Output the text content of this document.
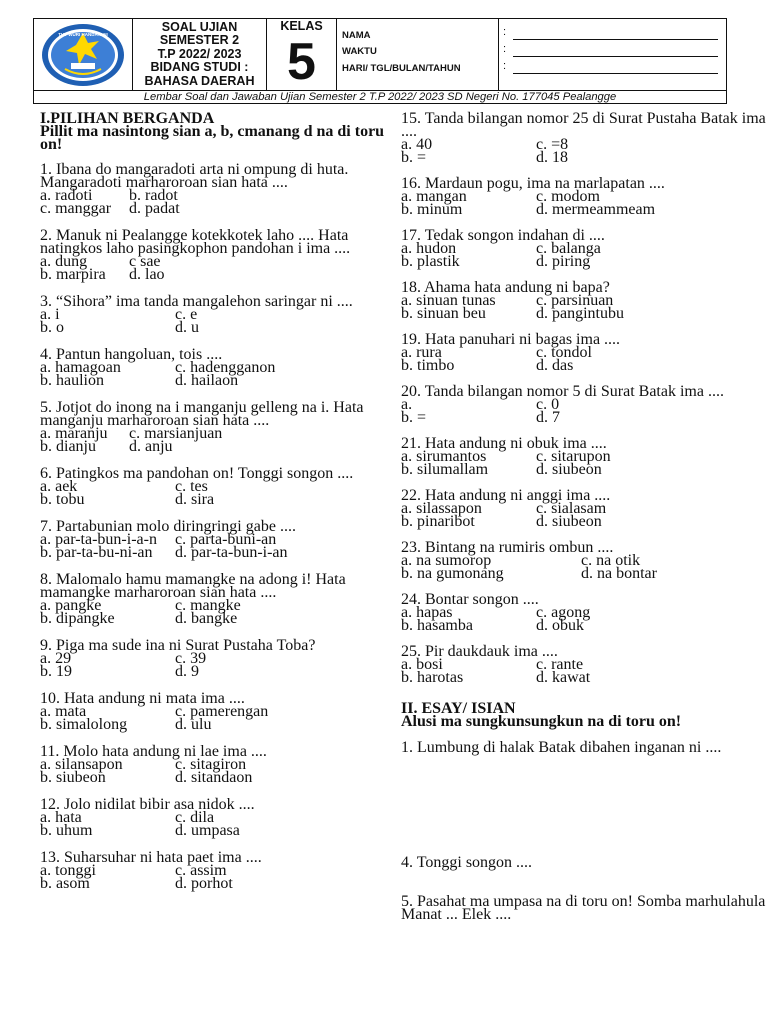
TUT WURI HANDAYANI
SOAL UJIAN
SEMESTER 2
T.P 2022/ 2023
BIDANG STUDI :
BAHASA DAERAH
KELAS
5	NAMA
WAKTU
HARI/ TGL/BULAN/TAHUN
:
:
:
Lembar Soal dan Jawaban Ujian Semester 2 T.P 2022/ 2023 SD Negeri No. 177045 Pealangge
I.PILIHAN BERGANDA
Pillit ma nasintong sian a, b, cmanang d na di toru
on!
1. Ibana do mangaradoti arta ni ompung di huta.
Mangaradoti marharoroan sian hata ....
a. radoti b. radot
c. manggar d. padat
2. Manuk ni Pealangge kotekkotek laho .... Hata
natingkos laho pasingkophon pandohan i ima ....
a. dung	c sae
b. marpira d. lao
3. “Sihora” ima tanda mangalehon saringar ni ....
a. i	c. e
b. o	d. u
4. Pantun hangoluan, tois ....
a. hamagoan	c. hadengganon
b. haulion	d. hailaon
5. Jotjot do inong na i manganju gelleng na i. Hata
manganju marharoroan sian hata ....
a. maranju c. marsianjuan
b. dianju d. anju
6. Patingkos ma pandohan on! Tonggi songon ....
a. aek	c. tes
b. tobu	d. sira
7. Partabunian molo diringringi gabe ....
a. par-ta-bun-i-a-n c. parta-buni-an
b. par-ta-bu-ni-an d. par-ta-bun-i-an
8. Malomalo hamu mamangke na adong i! Hata
mamangke marharoroan sian hata ....
a. pangke	c. mangke
b. dipangke	d. bangke
9. Piga ma sude ina ni Surat Pustaha Toba?
a. 29	c. 39
b. 19	d. 9
10. Hata andung ni mata ima ....
a. mata	c. pamerengan
b. simalolong	d. ulu
11. Molo hata andung ni lae ima ....
a. silansapon	c. sitagiron
b. siubeon	d. sitandaon
12. Jolo nidilat bibir asa nidok ....
a. hata	c. dila
b. uhum	d. umpasa
13. Suharsuhar ni hata paet ima ....
a. tonggi	c. assim
b. asom	d. porhot
15. Tanda bilangan nomor 25 di Surat Pustaha Batak ima
....
a. 40	c. =8
b. =	d. 18
16. Mardaun pogu, ima na marlapatan ....
a. mangan	c. modom
b. minum	d. mermeammeam
17. Tedak songon indahan di ....
a. hudon	c. balanga
b. plastik	d. piring
18. Ahama hata andung ni bapa?
a. sinuan tunas	c. parsinuan
b. sinuan beu	d. pangintubu
19. Hata panuhari ni bagas ima ....
a. rura	c. tondol
b. timbo	d. das
20. Tanda bilangan nomor 5 di Surat Batak ima ....
a.	c. 0
b. =	d. 7
21. Hata andung ni obuk ima ....
a. sirumantos	c. sitarupon
b. silumallam	d. siubeon
22. Hata andung ni anggi ima ....
a. silassapon	c. sialasam
b. pinaribot	d. siubeon
23. Bintang na rumiris ombun ....
a. na sumorop	c. na otik
b. na gumonang	d. na bontar
24. Bontar songon ....
a. hapas	c. agong
b. hasamba	d. obuk
25. Pir daukdauk ima ....
a. bosi	c. rante
b. harotas	d. kawat
II. ESAY/ ISIAN
Alusi ma sungkunsungkun na di toru on!
1. Lumbung di halak Batak dibahen inganan ni ....
4. Tonggi songon ....
5. Pasahat ma umpasa na di toru on! Somba marhulahula
Manat ... Elek ....
